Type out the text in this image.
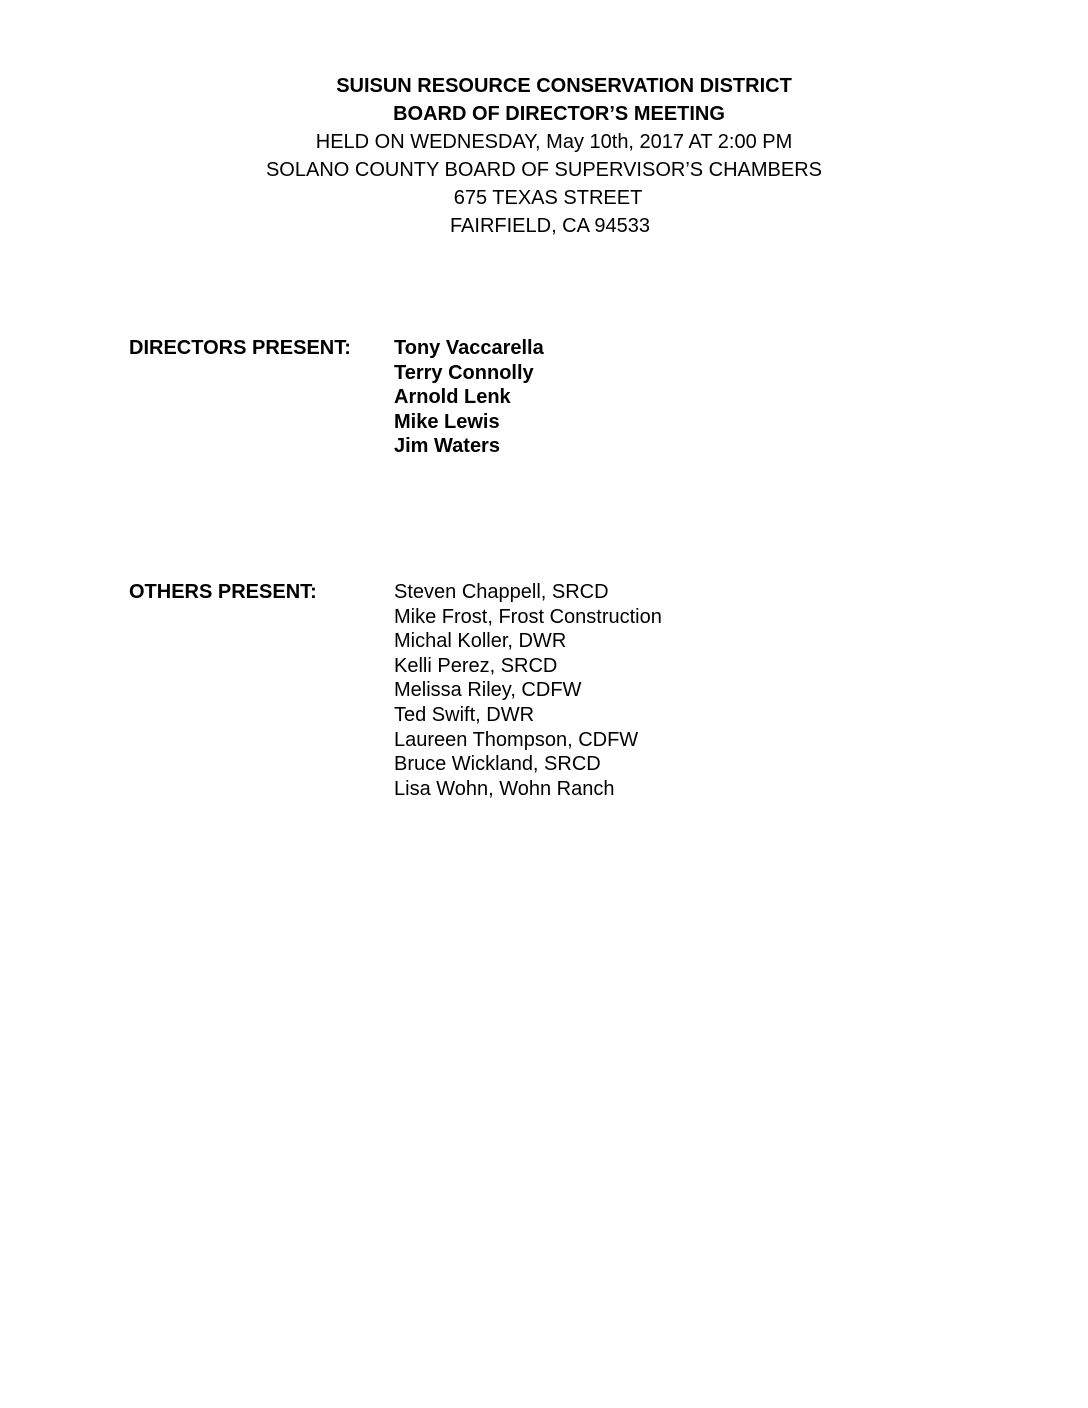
SUISUN RESOURCE CONSERVATION DISTRICT
BOARD OF DIRECTOR’S MEETING
HELD ON WEDNESDAY, May 10th, 2017 AT 2:00 PM
SOLANO COUNTY BOARD OF SUPERVISOR’S CHAMBERS
675 TEXAS STREET
FAIRFIELD, CA 94533
DIRECTORS PRESENT: Tony Vaccarella
Terry Connolly
Arnold Lenk
Mike Lewis
Jim Waters
OTHERS PRESENT:	Steven Chappell, SRCD
Mike Frost, Frost Construction
Michal Koller, DWR
Kelli Perez, SRCD
Melissa Riley, CDFW
Ted Swift, DWR
Laureen Thompson, CDFW
Bruce Wickland, SRCD
Lisa Wohn, Wohn Ranch
